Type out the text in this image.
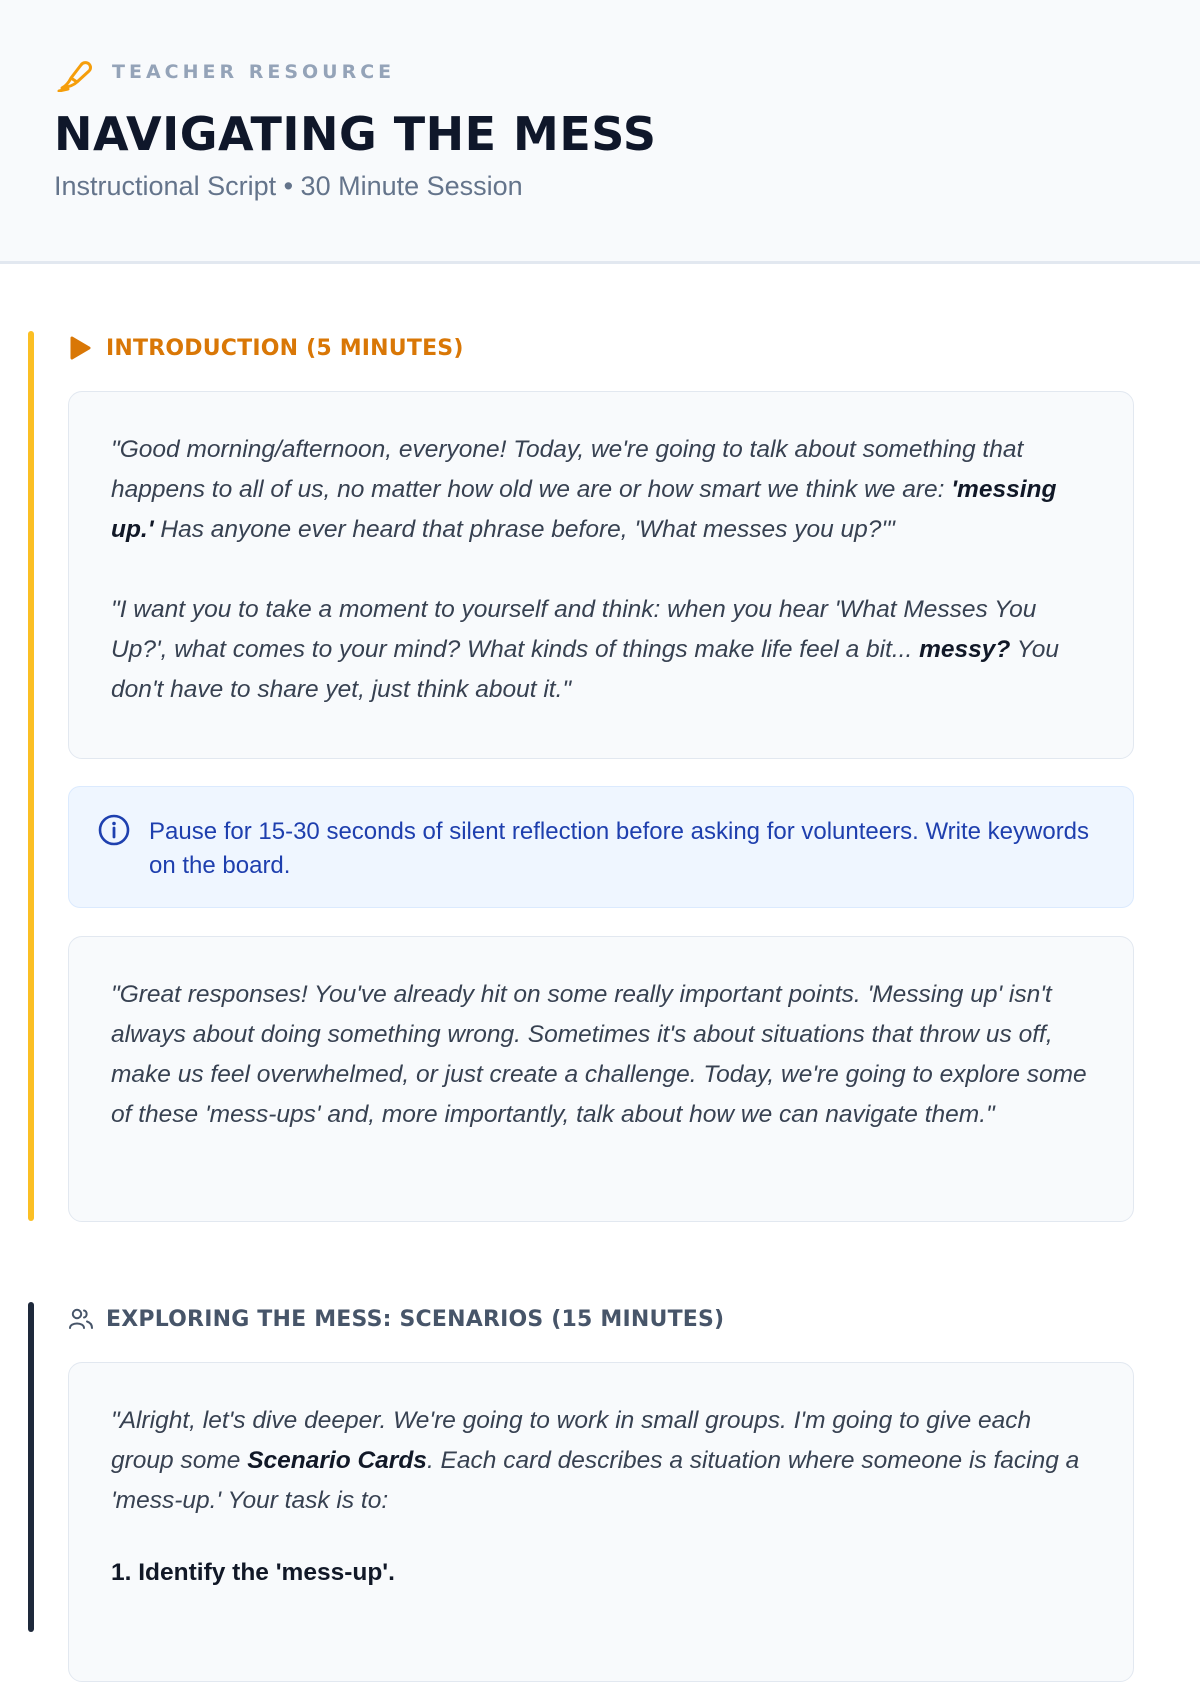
TEACHER RESOURCE
NAVIGATING THE MESS
Instructional Script • 30 Minute Session
INTRODUCTION (5 MINUTES)

"Good morning/afternoon, everyone! Today, we're going to talk about something that happens to all of us, no matter how old we are or how smart we think we are: 'messing up.' Has anyone ever heard that phrase before, 'What messes you up?'"

"I want you to take a moment to yourself and think: when you hear 'What Messes You Up?', what comes to your mind? What kinds of things make life feel a bit... messy? You don't have to share yet, just think about it."

Pause for 15-30 seconds of silent reflection before asking for volunteers. Write keywords on the board.

"Great responses! You've already hit on some really important points. 'Messing up' isn't always about doing something wrong. Sometimes it's about situations that throw us off, make us feel overwhelmed, or just create a challenge. Today, we're going to explore some of these 'mess-ups' and, more importantly, talk about how we can navigate them."

EXPLORING THE MESS: SCENARIOS (15 MINUTES)

"Alright, let's dive deeper. We're going to work in small groups. I'm going to give each group some Scenario Cards. Each card describes a situation where someone is facing a 'mess-up.' Your task is to:

1. Identify the 'mess-up'.
